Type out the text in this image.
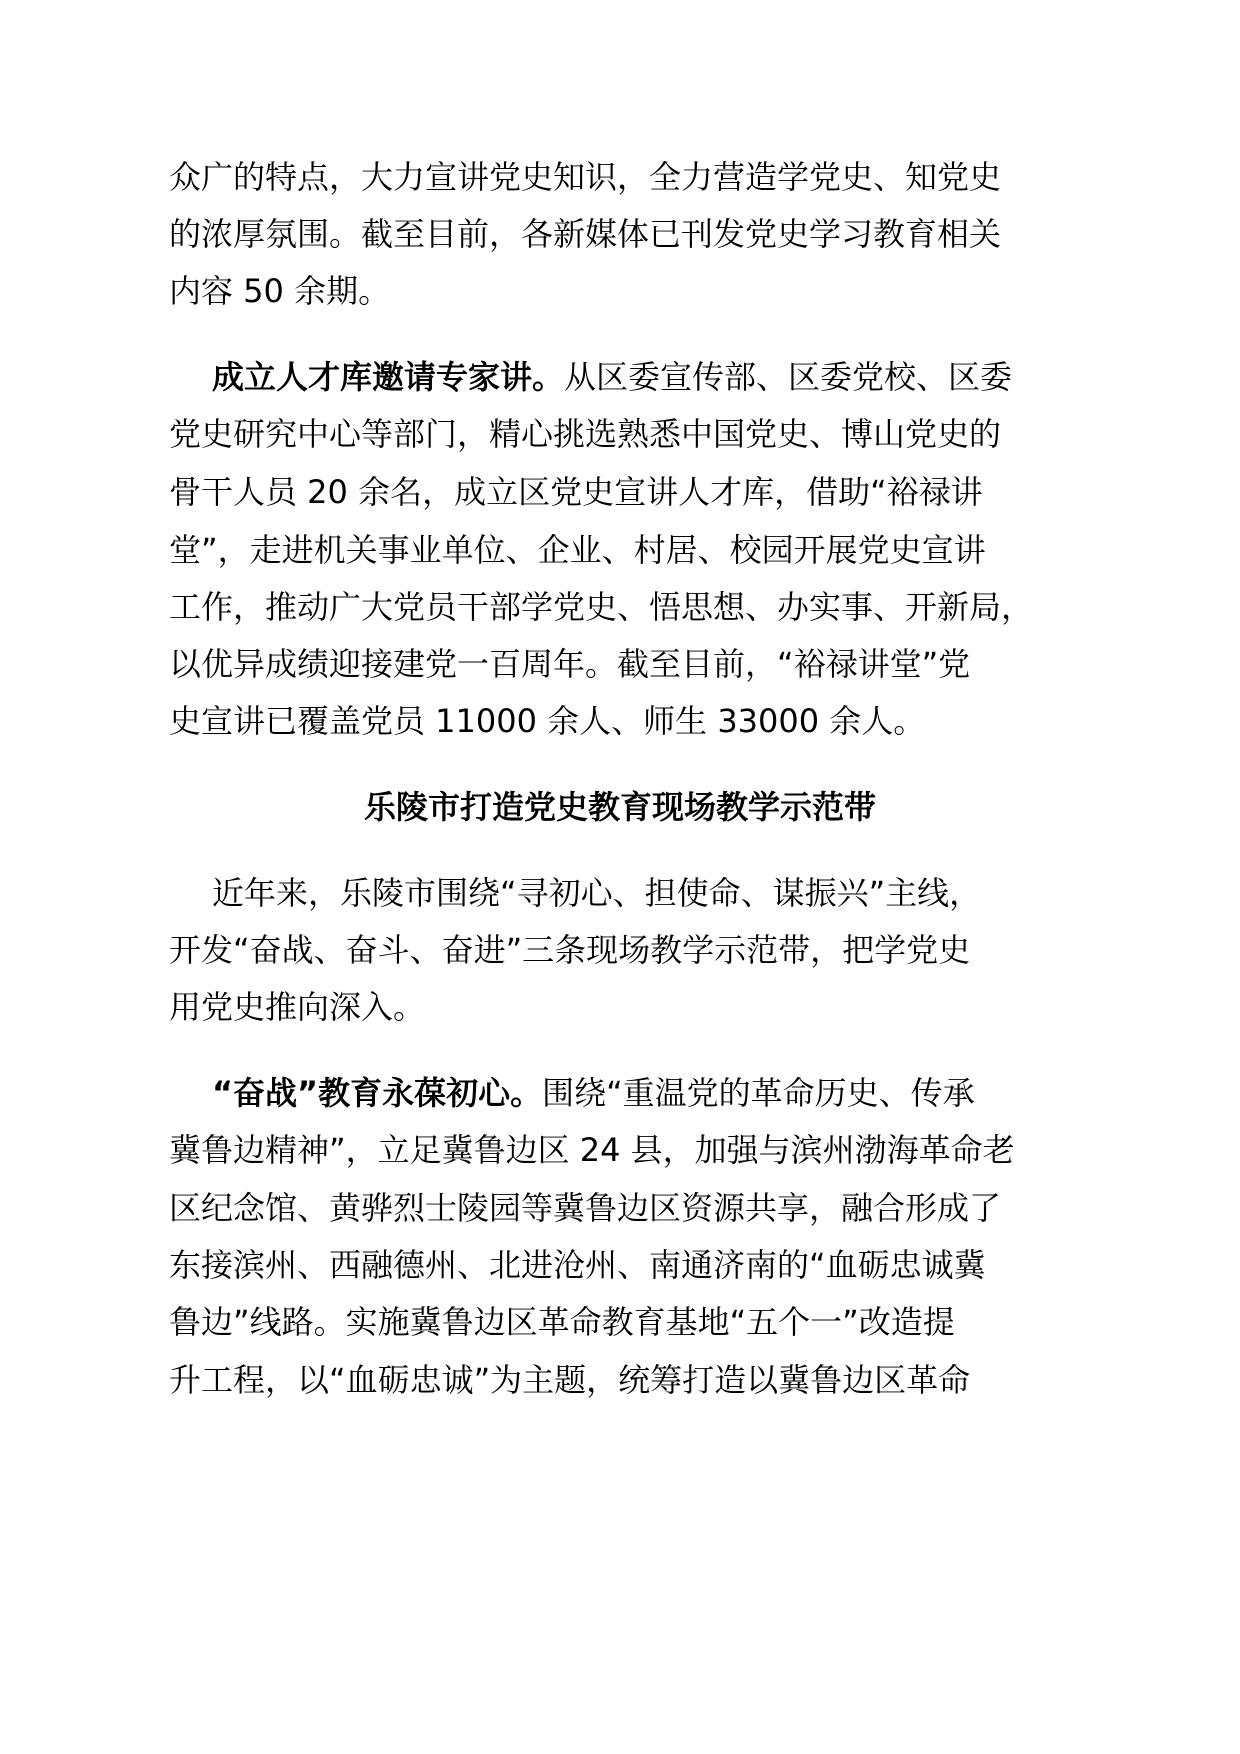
众广的特点，大力宣讲党史知识，全力营造学党史、知党史
的浓厚氛围。截至目前，各新媒体已刊发党史学习教育相关
内容 50 余期。
成立人才库邀请专家讲。从区委宣传部、区委党校、区委
党史研究中心等部门，精心挑选熟悉中国党史、博山党史的
骨干人员 20 余名，成立区党史宣讲人才库，借助“裕禄讲
堂”，走进机关事业单位、企业、村居、校园开展党史宣讲
工作，推动广大党员干部学党史、悟思想、办实事、开新局，
以优异成绩迎接建党一百周年。截至目前，“裕禄讲堂”党
史宣讲已覆盖党员 11000 余人、师生 33000 余人。
乐陵市打造党史教育现场教学示范带
近年来，乐陵市围绕“寻初心、担使命、谋振兴”主线，
开发“奋战、奋斗、奋进”三条现场教学示范带，把学党史
用党史推向深入。
“奋战”教育永葆初心。围绕“重温党的革命历史、传承
冀鲁边精神”，立足冀鲁边区 24 县，加强与滨州渤海革命老
区纪念馆、黄骅烈士陵园等冀鲁边区资源共享，融合形成了
东接滨州、西融德州、北进沧州、南通济南的“血砺忠诚冀
鲁边”线路。实施冀鲁边区革命教育基地“五个一”改造提
升工程，以“血砺忠诚”为主题，统筹打造以冀鲁边区革命
